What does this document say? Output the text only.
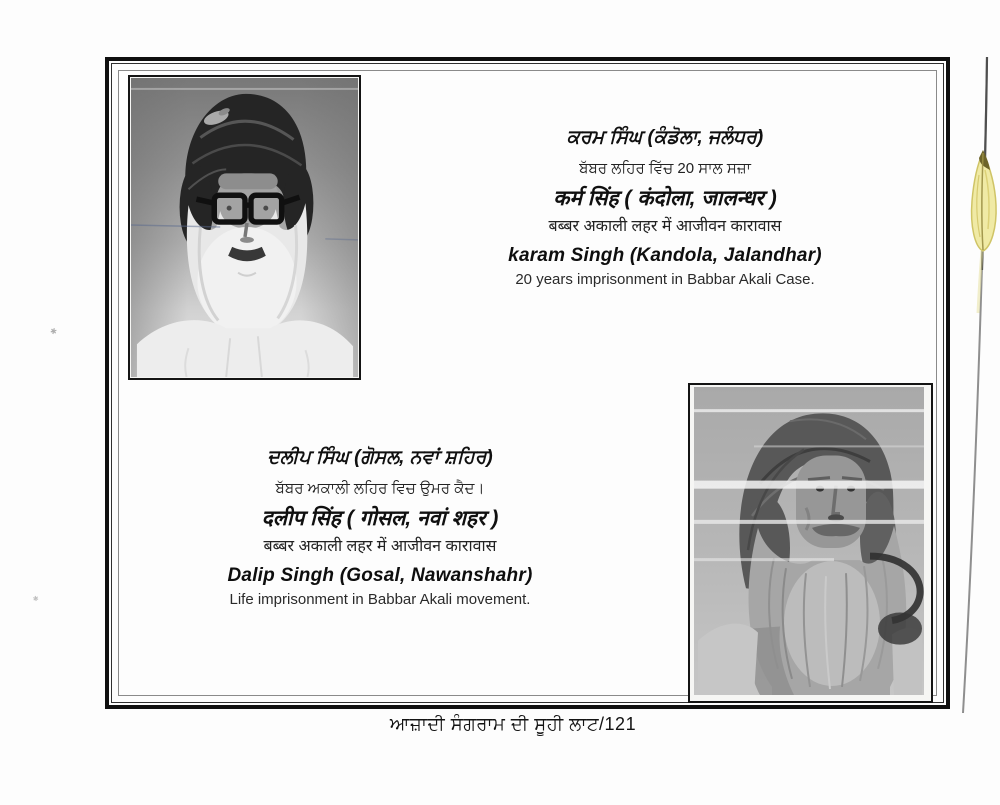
ਕਰਮ ਸਿੰਘ (ਕੰਡੋਲਾ, ਜਲੰਧਰ)

ਬੱਬਰ ਲਹਿਰ ਵਿੱਚ 20 ਸਾਲ ਸਜ਼ਾ

कर्म सिंह ( कंदोला, जालन्धर )

बब्बर अकाली लहर में आजीवन कारावास

karam Singh (Kandola, Jalandhar)

20 years imprisonment in Babbar Akali Case.

ਦਲੀਪ ਸਿੰਘ (ਗੋਸਲ, ਨਵਾਂ ਸ਼ਹਿਰ)

ਬੱਬਰ ਅਕਾਲੀ ਲਹਿਰ ਵਿਚ ਉਮਰ ਕੈਦ।

दलीप सिंह ( गोसल, नवां शहर )

बब्बर अकाली लहर में आजीवन कारावास

Dalip Singh (Gosal, Nawanshahr)

Life imprisonment in Babbar Akali movement.

ਆਜ਼ਾਦੀ ਸੰਗਰਾਮ ਦੀ ਸੂਹੀ ਲਾਟ/121
✱
✱
